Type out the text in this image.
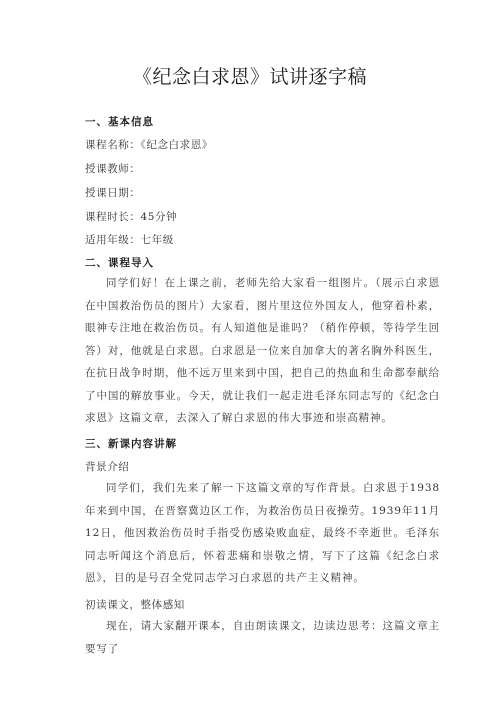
《纪念白求恩》试讲逐字稿
一、基本信息
课程名称：《纪念白求恩》
授课教师：
授课日期：
课程时长：45分钟
适用年级：七年级
二、课程导入
同学们好！在上课之前，老师先给大家看一组图片。（展示白求恩在中国救治伤员的图片）大家看，图片里这位外国友人，他穿着朴素，眼神专注地在救治伤员。有人知道他是谁吗？（稍作停顿，等待学生回答）对，他就是白求恩。白求恩是一位来自加拿大的著名胸外科医生，在抗日战争时期，他不远万里来到中国，把自己的热血和生命都奉献给了中国的解放事业。今天，就让我们一起走进毛泽东同志写的《纪念白求恩》这篇文章，去深入了解白求恩的伟大事迹和崇高精神。
三、新课内容讲解
背景介绍
同学们，我们先来了解一下这篇文章的写作背景。白求恩于1938年来到中国，在晋察冀边区工作，为救治伤员日夜操劳。1939年11月12日，他因救治伤员时手指受伤感染败血症，最终不幸逝世。毛泽东同志听闻这个消息后，怀着悲痛和崇敬之情，写下了这篇《纪念白求恩》，目的是号召全党同志学习白求恩的共产主义精神。
初读课文，整体感知
现在，请大家翻开课本，自由朗读课文，边读边思考：这篇文章主要写了
